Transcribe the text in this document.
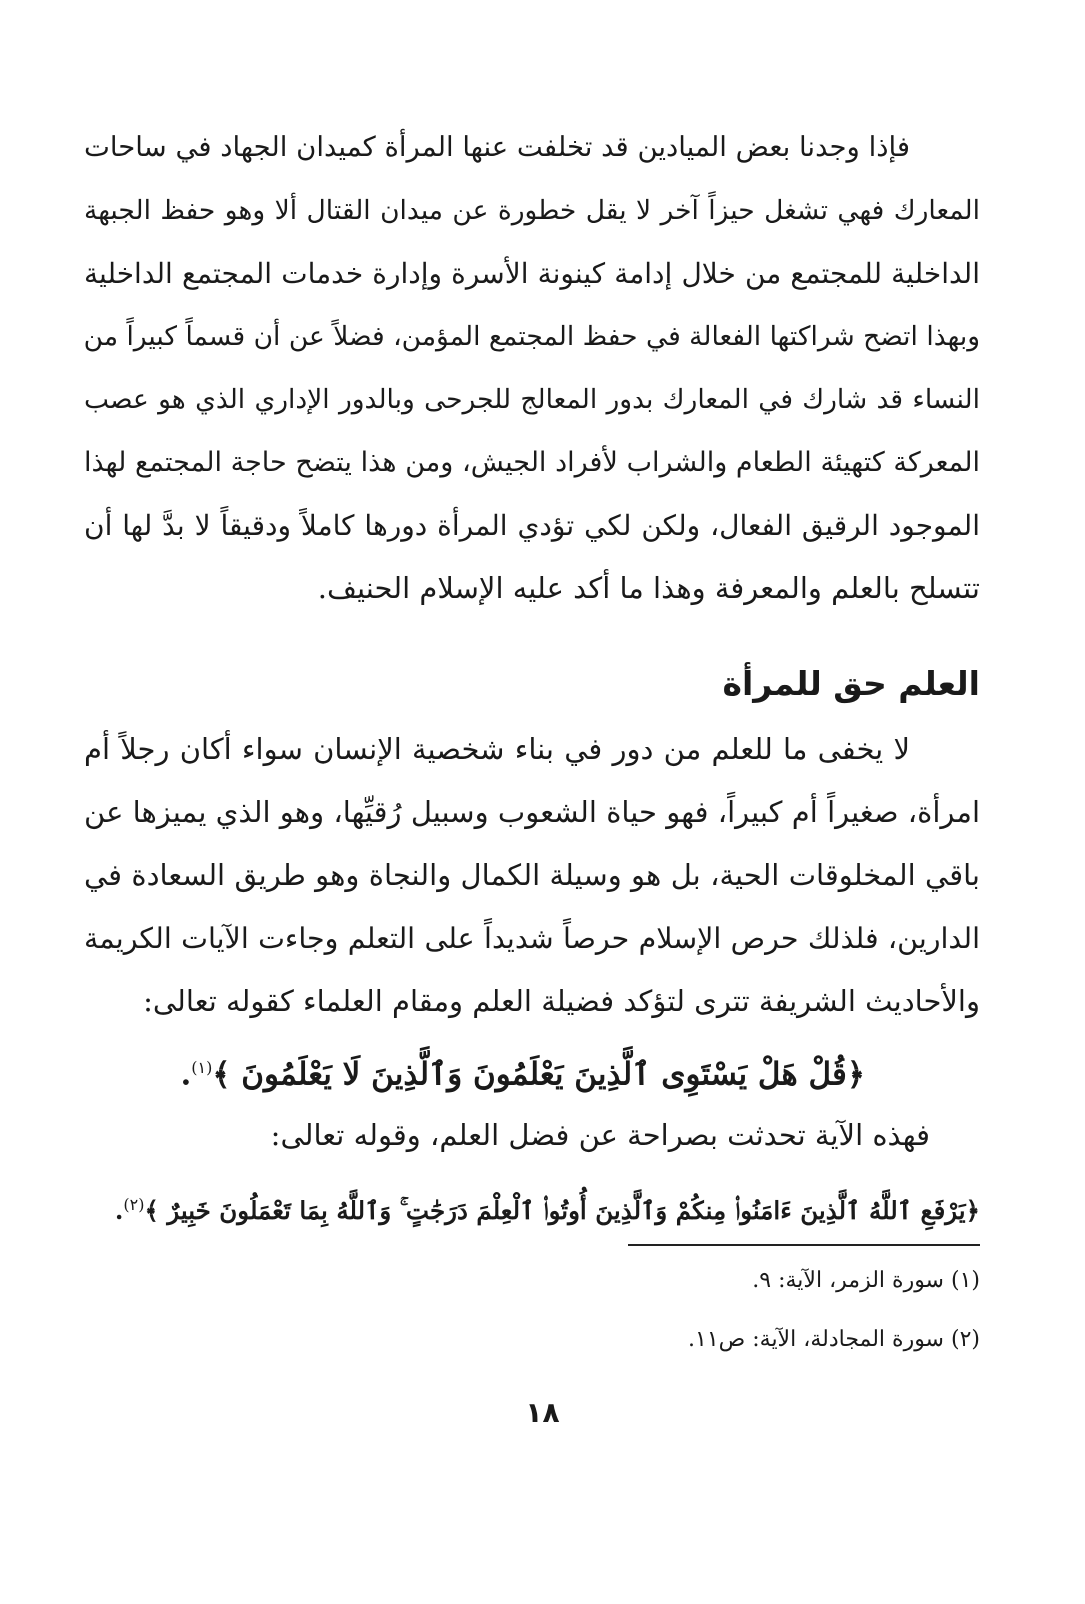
فإذا وجدنا بعض الميادين قد تخلفت عنها المرأة كميدان الجهاد في ساحات
المعارك فهي تشغل حيزاً آخر لا يقل خطورة عن ميدان القتال ألا وهو حفظ الجبهة
الداخلية للمجتمع من خلال إدامة كينونة الأسرة وإدارة خدمات المجتمع الداخلية
وبهذا اتضح شراكتها الفعالة في حفظ المجتمع المؤمن، فضلاً عن أن قسماً كبيراً من
النساء قد شارك في المعارك بدور المعالج للجرحى وبالدور الإداري الذي هو عصب
المعركة كتهيئة الطعام والشراب لأفراد الجيش، ومن هذا يتضح حاجة المجتمع لهذا
الموجود الرقيق الفعال، ولكن لكي تؤدي المرأة دورها كاملاً ودقيقاً لا بدَّ لها أن
تتسلح بالعلم والمعرفة وهذا ما أكد عليه الإسلام الحنيف.
العلم حق للمرأة
لا يخفى ما للعلم من دور في بناء شخصية الإنسان سواء أكان رجلاً أم
امرأة، صغيراً أم كبيراً، فهو حياة الشعوب وسبيل رُقيِّها، وهو الذي يميزها عن
باقي المخلوقات الحية، بل هو وسيلة الكمال والنجاة وهو طريق السعادة في
الدارين، فلذلك حرص الإسلام حرصاً شديداً على التعلم وجاءت الآيات الكريمة
والأحاديث الشريفة تترى لتؤكد فضيلة العلم ومقام العلماء كقوله تعالى:
﴿قُلْ هَلْ يَسْتَوِى ٱلَّذِينَ يَعْلَمُونَ وَٱلَّذِينَ لَا يَعْلَمُونَ ﴾$^{(١)}$.
فهذه الآية تحدثت بصراحة عن فضل العلم، وقوله تعالى:
﴿يَرْفَعِ ٱللَّهُ ٱلَّذِينَ ءَامَنُوا۟ مِنكُمْ وَٱلَّذِينَ أُوتُوا۟ ٱلْعِلْمَ دَرَجَٰتٍ ۚ وَٱللَّهُ بِمَا تَعْمَلُونَ خَبِيرٌ ﴾$^{(٢)}$.
(١) سورة الزمر، الآية: ٩.
(٢) سورة المجادلة، الآية: ص١١.
١٨
